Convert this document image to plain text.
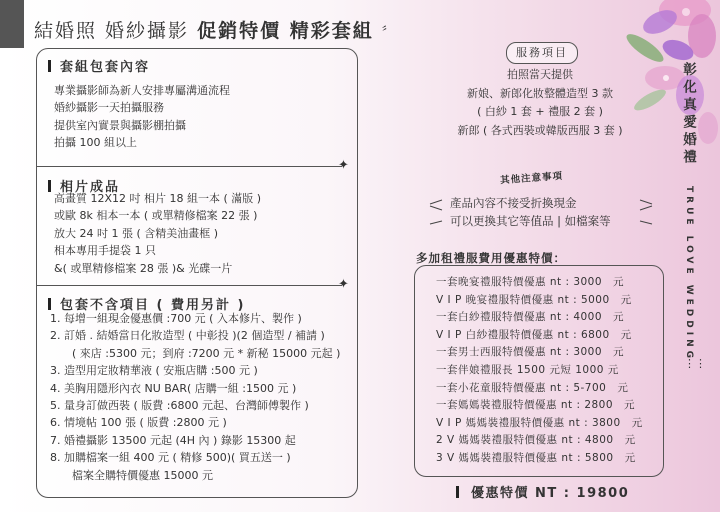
結婚照 婚紗攝影 促銷特價 精彩套組 〞
套組包套內容
專業攝影師為新人安排專屬溝通流程
婚紗攝影一天拍攝服務
提供室內實景與攝影棚拍攝
拍攝 100 組以上
✦
相片成品
高畫質 12X12 吋 相片 18 組一本 ( 滿版 )
或歐 8k 相本一本 ( 或單精修檔案 22 張 )
放大 24 吋 1 張 ( 含精美油畫框 )
相本專用手提袋 1 只
&( 或單精修檔案 28 張 )& 光碟一片
✦
包套不含項目 ( 費用另計 )
1. 每增一組現金優惠價 :700 元 ( 入本修片、製作 )
2. 訂婚 . 結婚當日化妝造型 ( 中彰投 )(2 個造型 / 補請 )
( 來店 :5300 元；到府 :7200 元 * 新秘 15000 元起 )
3. 造型用定妝精華液 ( 安瓶店購 :500 元 )
4. 美胸用隱形內衣 NU BAR( 店購一組 :1500 元 )
5. 量身訂做西裝 ( 版費 :6800 元起、台灣師傅製作 )
6. 情境帖 100 張 ( 版費 :2800 元 )
7. 婚禮攝影 13500 元起 (4H 內 ) 錄影 15300 起
8. 加購檔案一組 400 元 ( 精修 500)( 買五送一 )
檔案全購特價優惠 15000 元
服務項目
拍照當天提供
新娘、新郎化妝整體造型 3 款
( 白紗 1 套 + 禮服 2 套 )
新郎 ( 各式西裝或韓版西服 3 套 )
其他注意事項
產品內容不接受折換現金
可以更換其它等值品 | 如檔案等
多加租禮服費用優惠特價：
一套晚宴禮服特價優惠 nt : 3000　元
V I P 晚宴禮服特價優惠 nt : 5000　元
一套白紗禮服特價優惠 nt : 4000　元
V I P 白紗禮服特價優惠 nt : 6800　元
一套男士西服特價優惠 nt : 3000　元
一套伴娘禮服長 1500 元短 1000 元
一套小花童服特價優惠 nt : 5-700　元
一套媽媽裝禮服特價優惠 nt : 2800　元
V I P 媽媽裝禮服特價優惠 nt : 3800　元
2 V 媽媽裝禮服特價優惠 nt : 4800　元
3 V 媽媽裝禮服特價優惠 nt : 5800　元
優惠特價 NT : 19800
彰化真愛婚禮
TRUE LOVE WEDDING
⋮⋮
